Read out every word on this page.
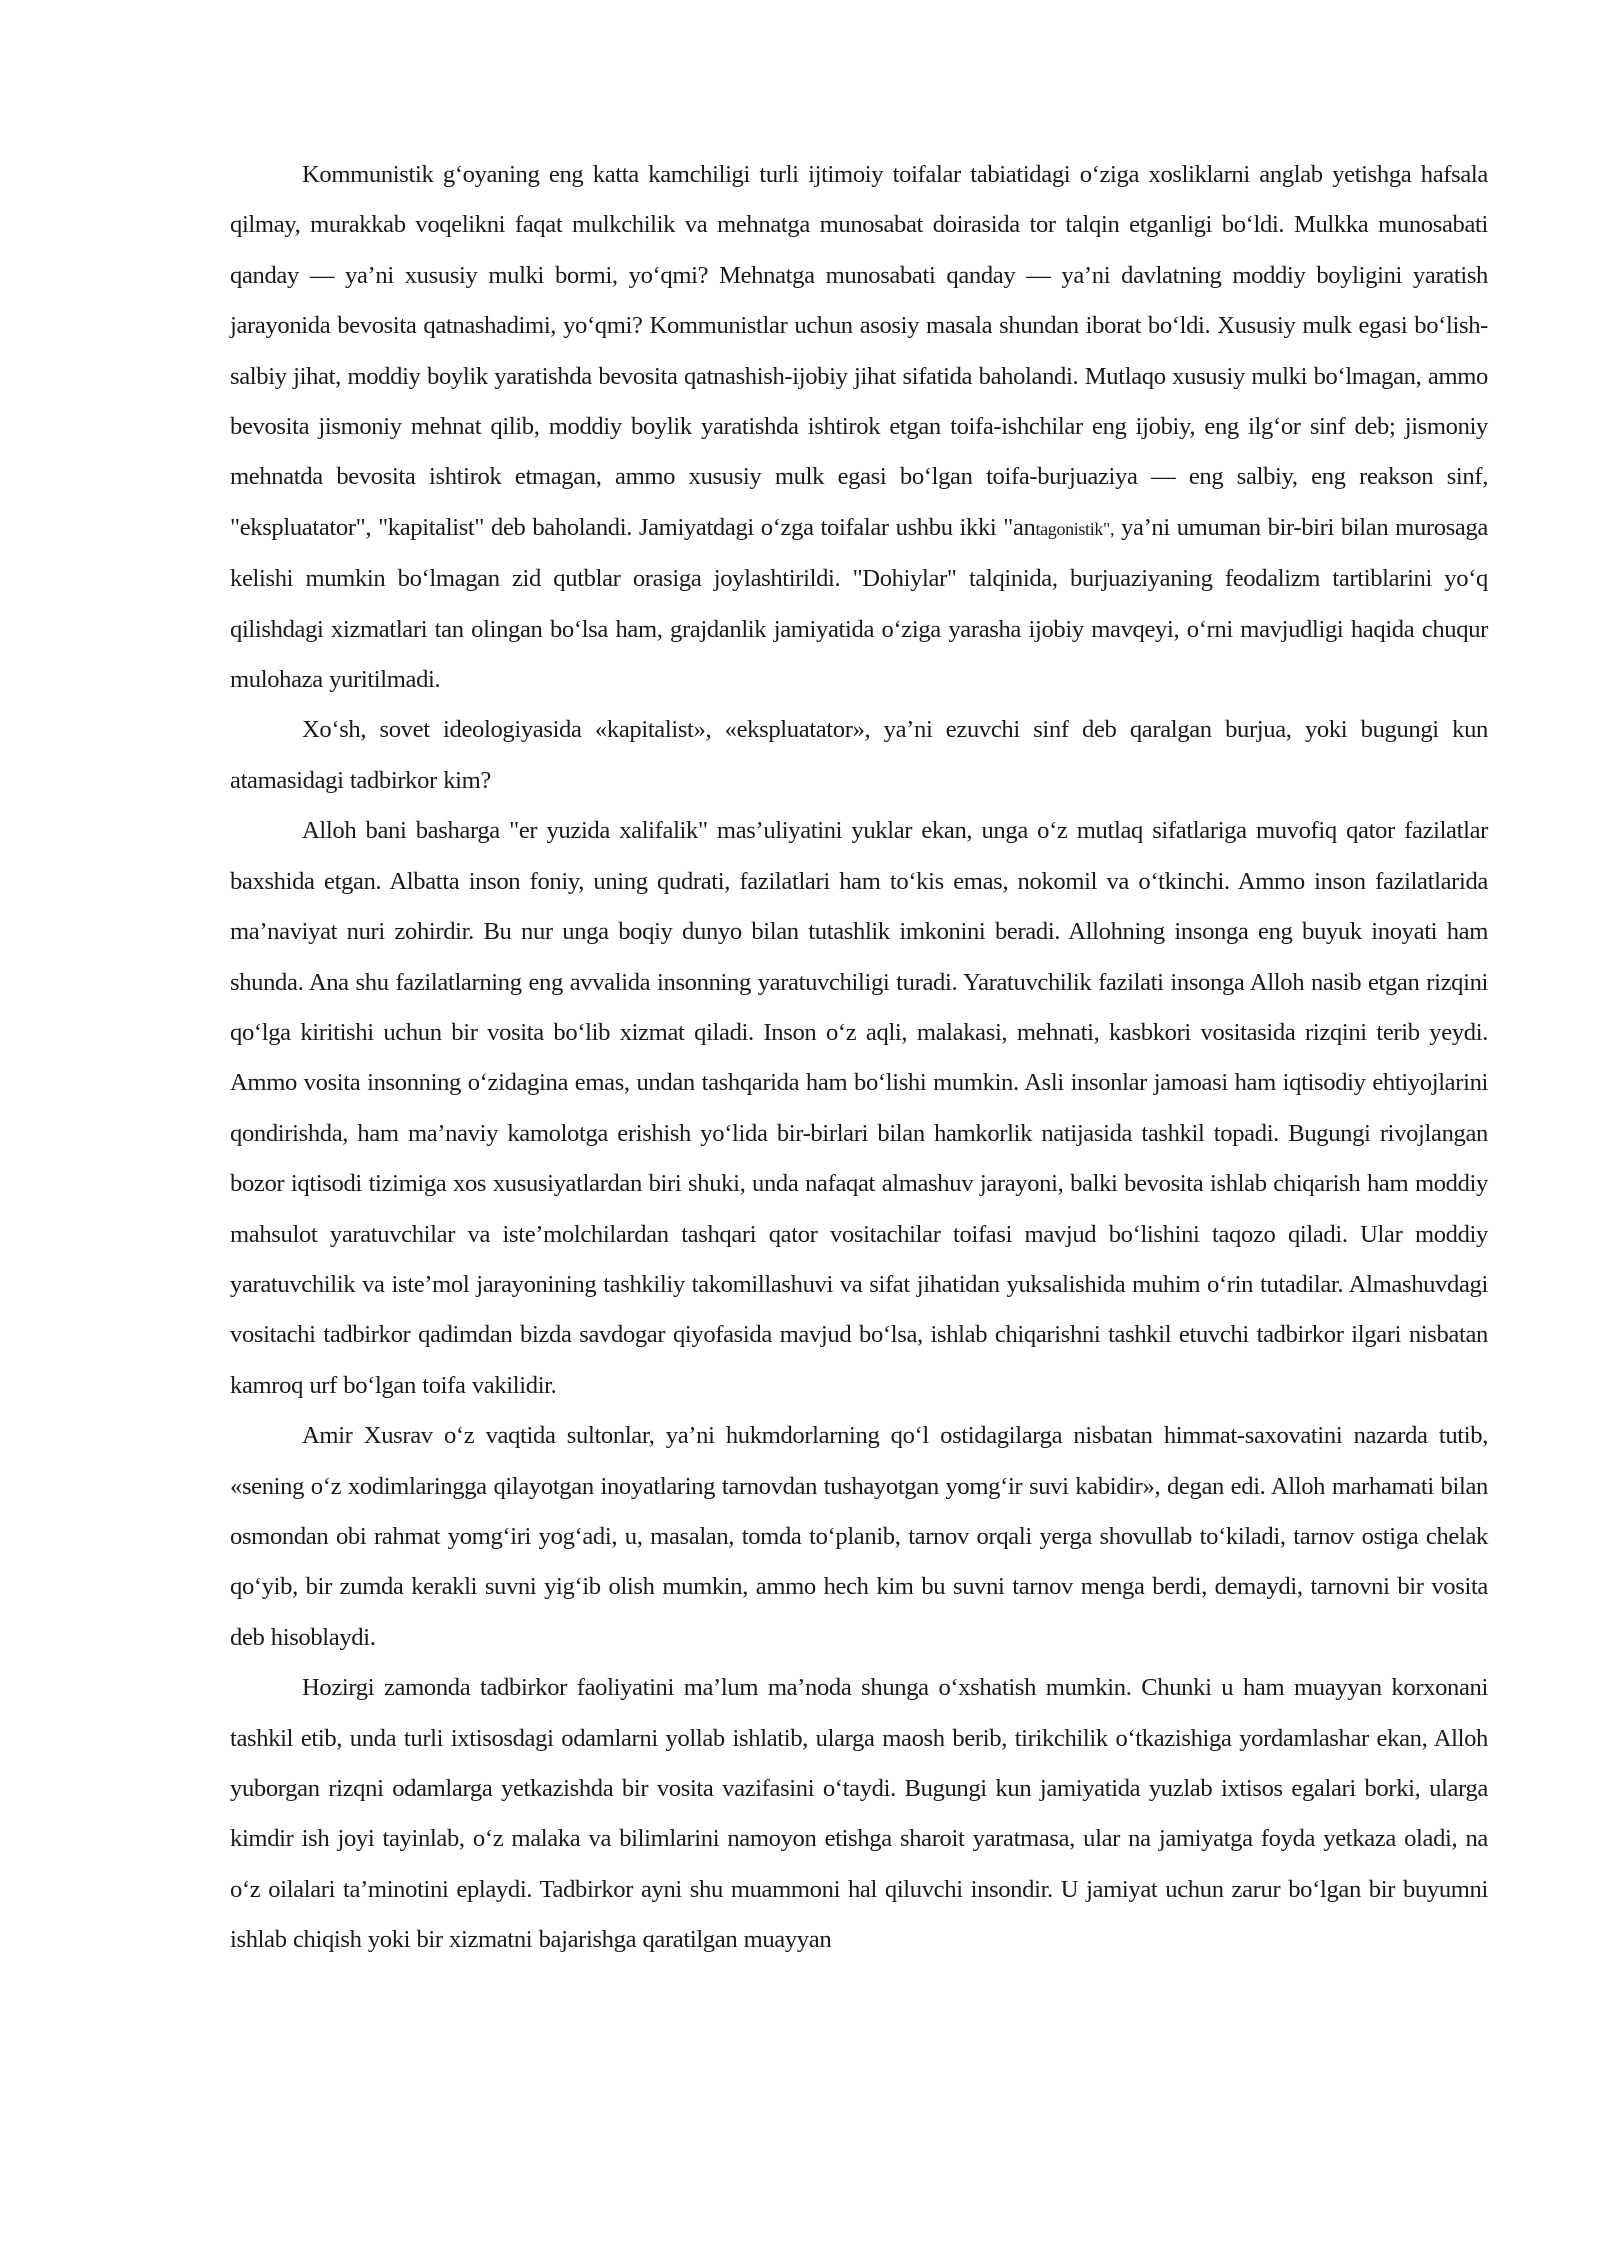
Kommunistik g‘oyaning eng katta kamchiligi turli ijtimoiy toifalar tabiatidagi o‘ziga xosliklarni anglab yetishga hafsala qilmay, murakkab voqelikni faqat mulkchilik va mehnatga munosabat doirasida tor talqin etganligi bo‘ldi. Mulkka munosabati qanday — ya’ni xususiy mulki bormi, yo‘qmi? Mehnatga munosabati qanday — ya’ni davlatning moddiy boyligini yaratish jarayonida bevosita qatnashadimi, yo‘qmi? Kommunistlar uchun asosiy masala shundan iborat bo‘ldi. Xususiy mulk egasi bo‘lish-salbiy jihat, moddiy boylik yaratishda bevosita qatnashish-ijobiy jihat sifatida baholandi. Mutlaqo xususiy mulki bo‘lmagan, ammo bevosita jismoniy mehnat qilib, moddiy boylik yaratishda ishtirok etgan toifa-ishchilar eng ijobiy, eng ilg‘or sinf deb; jismoniy mehnatda bevosita ishtirok etmagan, ammo xususiy mulk egasi bo‘lgan toifa-burjuaziya — eng salbiy, eng reakson sinf, "ekspluatator", "kapitalist" deb baholandi. Jamiyatdagi o‘zga toifalar ushbu ikki "antagonistik", ya’ni umuman bir-biri bilan murosaga kelishi mumkin bo‘lmagan zid qutblar orasiga joylashtirildi. "Dohiylar" talqinida, burjuaziyaning feodalizm tartiblarini yo‘q qilishdagi xizmatlari tan olingan bo‘lsa ham, grajdanlik jamiyatida o‘ziga yarasha ijobiy mavqeyi, o‘rni mavjudligi haqida chuqur mulohaza yuritilmadi.

Xo‘sh, sovet ideologiyasida «kapitalist», «ekspluatator», ya’ni ezuvchi sinf deb qaralgan burjua, yoki bugungi kun atamasidagi tadbirkor kim?

Alloh bani basharga "er yuzida xalifalik" mas’uliyatini yuklar ekan, unga o‘z mutlaq sifatlariga muvofiq qator fazilatlar baxshida etgan. Albatta inson foniy, uning qudrati, fazilatlari ham to‘kis emas, nokomil va o‘tkinchi. Ammo inson fazilatlarida ma’naviyat nuri zohirdir. Bu nur unga boqiy dunyo bilan tutashlik imkonini beradi. Allohning insonga eng buyuk inoyati ham shunda. Ana shu fazilatlarning eng avvalida insonning yaratuvchiligi turadi. Yaratuvchilik fazilati insonga Alloh nasib etgan rizqini qo‘lga kiritishi uchun bir vosita bo‘lib xizmat qiladi. Inson o‘z aqli, malakasi, mehnati, kasbkori vositasida rizqini terib yeydi. Ammo vosita insonning o‘zidagina emas, undan tashqarida ham bo‘lishi mumkin. Asli insonlar jamoasi ham iqtisodiy ehtiyojlarini qondirishda, ham ma’naviy kamolotga erishish yo‘lida bir-birlari bilan hamkorlik natijasida tashkil topadi. Bugungi rivojlangan bozor iqtisodi tizimiga xos xususiyatlardan biri shuki, unda nafaqat almashuv jarayoni, balki bevosita ishlab chiqarish ham moddiy mahsulot yaratuvchilar va iste’molchilardan tashqari qator vositachilar toifasi mavjud bo‘lishini taqozo qiladi. Ular moddiy yaratuvchilik va iste’mol jarayonining tashkiliy takomillashuvi va sifat jihatidan yuksalishida muhim o‘rin tutadilar. Almashuvdagi vositachi tadbirkor qadimdan bizda savdogar qiyofasida mavjud bo‘lsa, ishlab chiqarishni tashkil etuvchi tadbirkor ilgari nisbatan kamroq urf bo‘lgan toifa vakilidir.

Amir Xusrav o‘z vaqtida sultonlar, ya’ni hukmdorlarning qo‘l ostidagilarga nisbatan himmat-saxovatini nazarda tutib, «sening o‘z xodimlaringga qilayotgan inoyatlaring tarnovdan tushayotgan yomg‘ir suvi kabidir», degan edi. Alloh marhamati bilan osmondan obi rahmat yomg‘iri yog‘adi, u, masalan, tomda to‘planib, tarnov orqali yerga shovullab to‘kiladi, tarnov ostiga chelak qo‘yib, bir zumda kerakli suvni yig‘ib olish mumkin, ammo hech kim bu suvni tarnov menga berdi, demaydi, tarnovni bir vosita deb hisoblaydi.

Hozirgi zamonda tadbirkor faoliyatini ma’lum ma’noda shunga o‘xshatish mumkin. Chunki u ham muayyan korxonani tashkil etib, unda turli ixtisosdagi odamlarni yollab ishlatib, ularga maosh berib, tirikchilik o‘tkazishiga yordamlashar ekan, Alloh yuborgan rizqni odamlarga yetkazishda bir vosita vazifasini o‘taydi. Bugungi kun jamiyatida yuzlab ixtisos egalari borki, ularga kimdir ish joyi tayinlab, o‘z malaka va bilimlarini namoyon etishga sharoit yaratmasa, ular na jamiyatga foyda yetkaza oladi, na o‘z oilalari ta’minotini eplaydi. Tadbirkor ayni shu muammoni hal qiluvchi insondir. U jamiyat uchun zarur bo‘lgan bir buyumni ishlab chiqish yoki bir xizmatni bajarishga qaratilgan muayyan
